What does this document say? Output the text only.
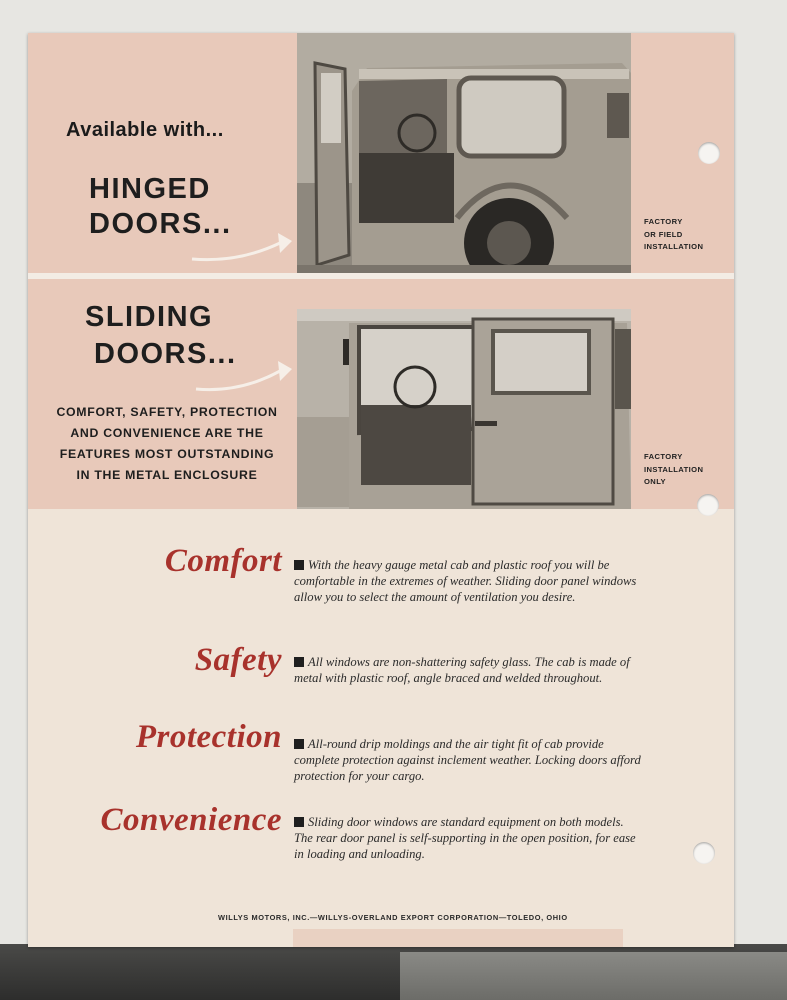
Available with...
HINGED
DOORS...
SLIDING
DOORS...
COMFORT, SAFETY, PROTECTION AND CONVENIENCE ARE THE FEATURES MOST OUTSTANDING IN THE METAL ENCLOSURE
FACTORY
OR FIELD
INSTALLATION
FACTORY
INSTALLATION
ONLY
Comfort	With the heavy gauge metal cab and plastic roof you will be comfortable in the extremes of weather. Sliding door panel windows allow you to select the amount of ventilation you desire.
Safety	All windows are non-shattering safety glass. The cab is made of metal with plastic roof, angle braced and welded throughout.
Protection	All-round drip moldings and the air tight fit of cab provide complete protection against inclement weather. Locking doors afford protection for your cargo.
Convenience	Sliding door windows are standard equipment on both models. The rear door panel is self-supporting in the open position, for ease in loading and unloading.
WILLYS MOTORS, INC.—WILLYS-OVERLAND EXPORT CORPORATION—TOLEDO, OHIO
